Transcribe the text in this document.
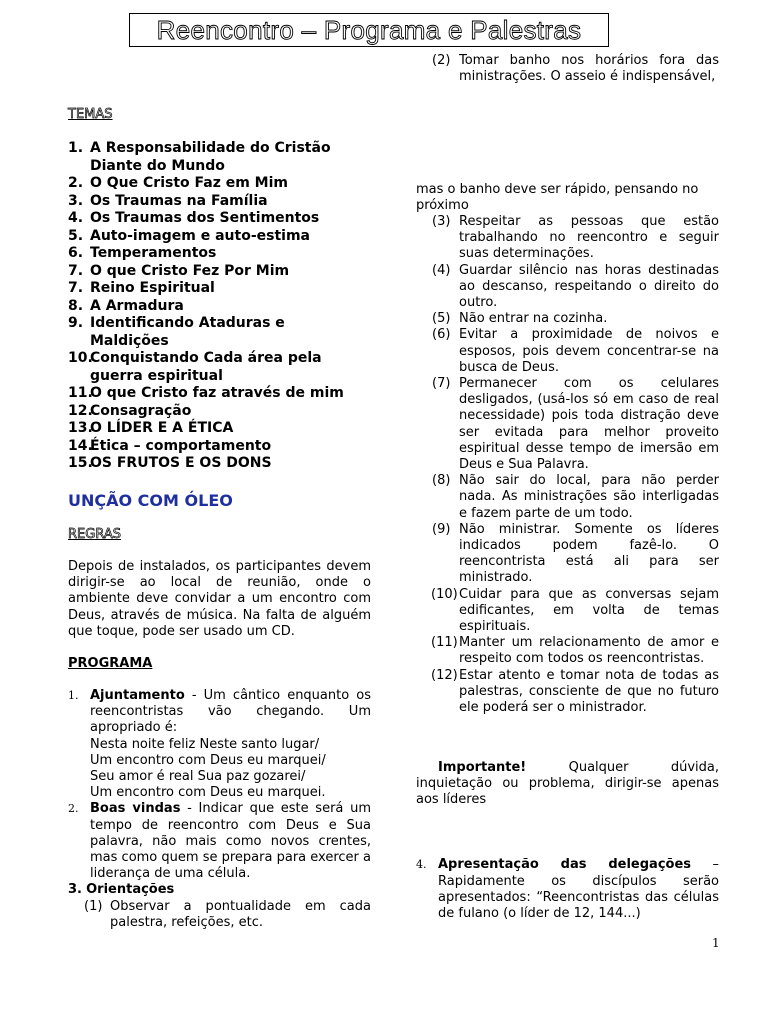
Reencontro – Programa e Palestras
TEMAS
1. A Responsabilidade do Cristão
Diante do Mundo
2. O Que Cristo Faz em Mim
3. Os Traumas na Família
4. Os Traumas dos Sentimentos
5. Auto-imagem e auto-estima
6. Temperamentos
7. O que Cristo Fez Por Mim
7. Reino Espiritual
8. A Armadura
9. Identificando Ataduras e
Maldições
10.
Conquistando Cada área pela
guerra espiritual
11.
O que Cristo faz através de mim
12.
Consagração
13.
O LÍDER E A ÉTICA
14.
Ética – comportamento
15.
OS FRUTOS E OS DONS
UNÇÃO COM ÓLEO
REGRAS
Depois de instalados, os participantes devem dirigir-se ao local de reunião, onde o ambiente deve convidar a um encontro com Deus, através de música. Na falta de alguém que toque, pode ser usado um CD.
PROGRAMA
1. Ajuntamento - Um cântico enquanto os reencontristas vão chegando. Um apropriado é:
Nesta noite feliz Neste santo lugar/
Um encontro com Deus eu marquei/
Seu amor é real Sua paz gozarei/
Um encontro com Deus eu marquei.
2. Boas vindas - Indicar que este será um tempo de reencontro com Deus e Sua palavra, não mais como novos crentes, mas como quem se prepara para exercer a liderança de uma célula.
3. Orientações
(1) Observar a pontualidade em cada palestra, refeições, etc.
(2) Tomar banho nos horários fora das ministrações. O asseio é indispensável,
mas o banho deve ser rápido, pensando no próximo
(3) Respeitar as pessoas que estão trabalhando no reencontro e seguir suas determinações.
(4) Guardar silêncio nas horas destinadas ao descanso, respeitando o direito do outro.
(5) Não entrar na cozinha.
(6) Evitar a proximidade de noivos e esposos, pois devem concentrar-se na busca de Deus.
(7) Permanecer com os celulares desligados, (usá-los só em caso de real necessidade) pois toda distração deve ser evitada para melhor proveito espiritual desse tempo de imersão em Deus e Sua Palavra.
(8) Não sair do local, para não perder nada. As ministrações são interligadas e fazem parte de um todo.
(9) Não ministrar. Somente os líderes indicados podem fazê-lo. O reencontrista está ali para ser ministrado.
(10) Cuidar para que as conversas sejam edificantes, em volta de temas espirituais.
(11) Manter um relacionamento de amor e respeito com todos os reencontristas.
(12) Estar atento e tomar nota de todas as palestras, consciente de que no futuro ele poderá ser o ministrador.
Importante! Qualquer dúvida, inquietação ou problema, dirigir-se apenas aos líderes
4. Apresentação das delegações – Rapidamente os discípulos serão apresentados: “Reencontristas das células de fulano (o líder de 12, 144...)
1
